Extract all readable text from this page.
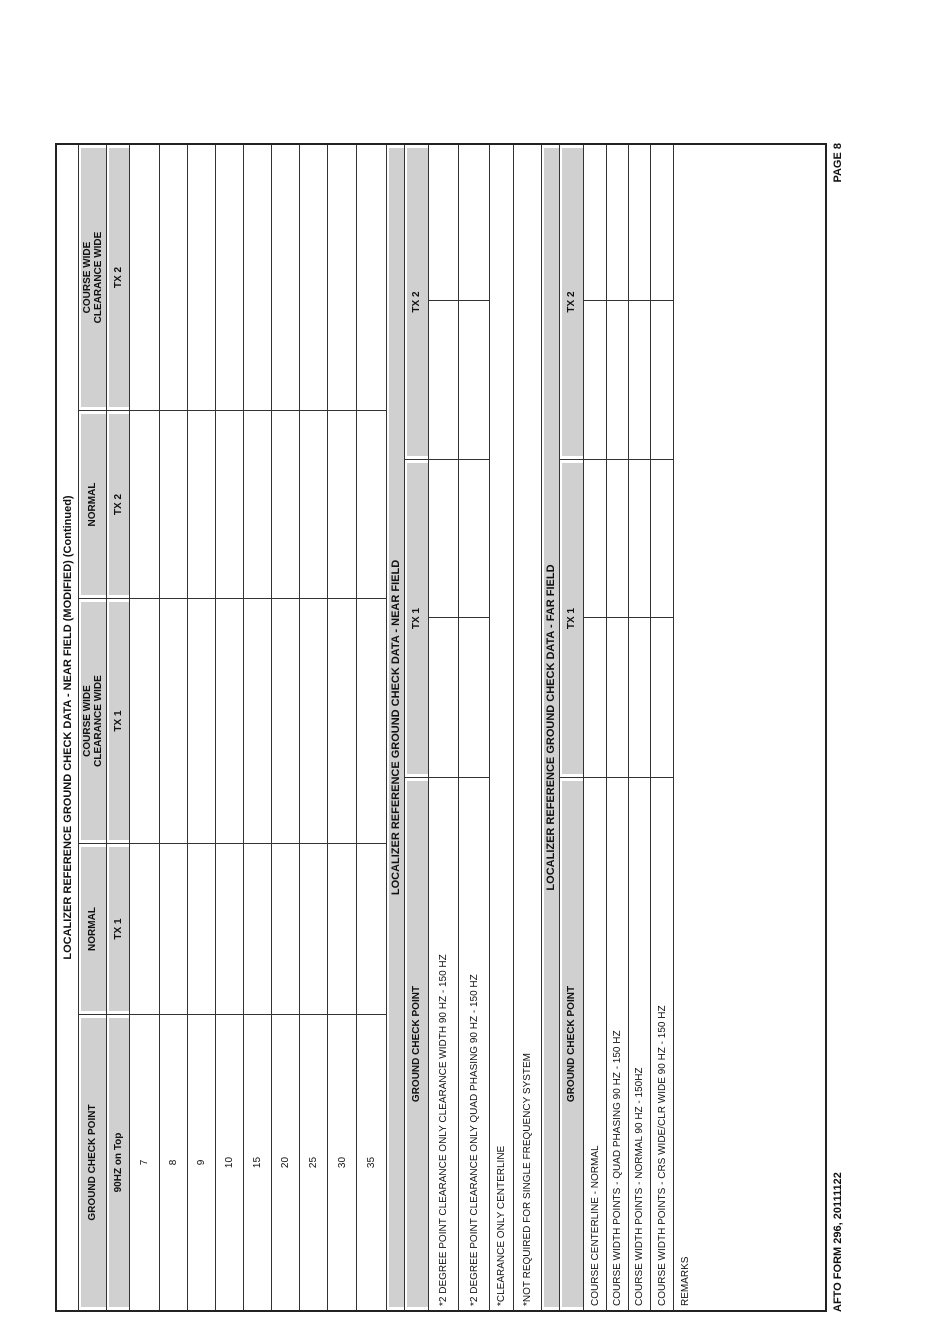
LOCALIZER REFERENCE GROUND CHECK DATA - NEAR FIELD (MODIFIED) (Continued)
GROUND CHECK POINT
NORMAL
COURSE WIDE CLEARANCE WIDE
NORMAL
COURSE WIDE CLEARANCE WIDE
90HZ on Top
TX 1
TX 1
TX 2
TX 2
7 8 9 10 15 20 25 30 35
LOCALIZER REFERENCE GROUND CHECK DATA - NEAR FIELD
GROUND CHECK POINT
TX 1
TX 2
*2 DEGREE POINT CLEARANCE ONLY CLEARANCE WIDTH 90 HZ - 150 HZ *2 DEGREE POINT CLEARANCE ONLY QUAD PHASING 90 HZ - 150 HZ *CLEARANCE ONLY CENTERLINE *NOT REQUIRED FOR SINGLE FREQUENCY SYSTEM
LOCALIZER REFERENCE GROUND CHECK DATA - FAR FIELD
GROUND CHECK POINT
TX 1
TX 2
COURSE CENTERLINE - NORMAL COURSE WIDTH POINTS - QUAD PHASING 90 HZ - 150 HZ COURSE WIDTH POINTS - NORMAL 90 HZ - 150HZ COURSE WIDTH POINTS - CRS WIDE/CLR WIDE 90 HZ - 150 HZ REMARKS	AFTO FORM 296, 20111122
PAGE 8
